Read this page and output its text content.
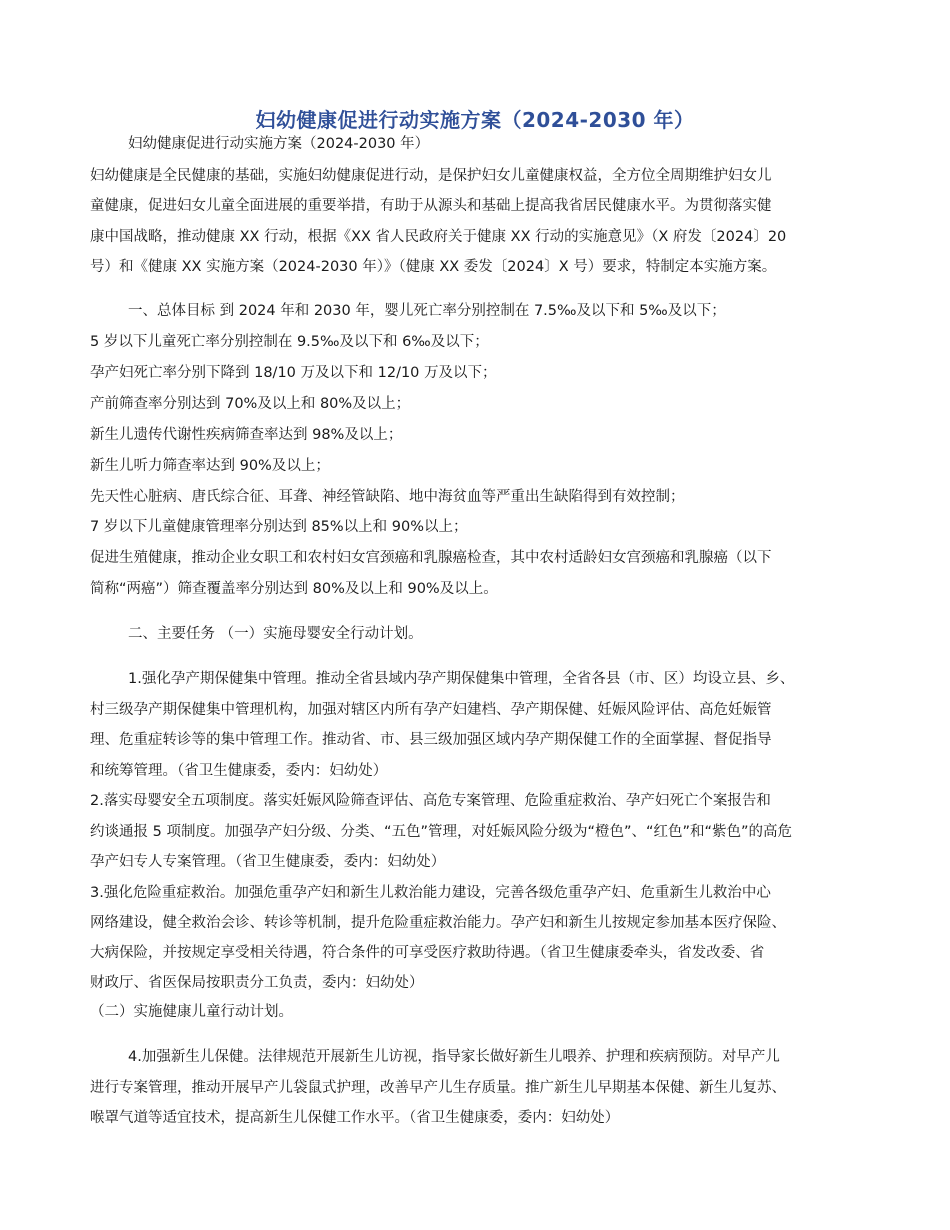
妇幼健康促进行动实施方案（2024-2030 年）
妇幼健康促进行动实施方案（2024-2030 年）
妇幼健康是全民健康的基础，实施妇幼健康促进行动，是保护妇女儿童健康权益，全方位全周期维护妇女儿
童健康，促进妇女儿童全面进展的重要举措，有助于从源头和基础上提高我省居民健康水平。为贯彻落实健
康中国战略，推动健康 XX 行动，根据《XX 省人民政府关于健康 XX 行动的实施意见》（X 府发〔2024〕20
号）和《健康 XX 实施方案（2024-2030 年）》（健康 XX 委发〔2024〕X 号）要求，特制定本实施方案。
一、总体目标 到 2024 年和 2030 年，婴儿死亡率分别控制在 7.5‰及以下和 5‰及以下；
5 岁以下儿童死亡率分别控制在 9.5‰及以下和 6‰及以下；
孕产妇死亡率分别下降到 18/10 万及以下和 12/10 万及以下；
产前筛查率分别达到 70%及以上和 80%及以上；
新生儿遗传代谢性疾病筛查率达到 98%及以上；
新生儿听力筛查率达到 90%及以上；
先天性心脏病、唐氏综合征、耳聋、神经管缺陷、地中海贫血等严重出生缺陷得到有效控制；
7 岁以下儿童健康管理率分别达到 85%以上和 90%以上；
促进生殖健康，推动企业女职工和农村妇女宫颈癌和乳腺癌检查，其中农村适龄妇女宫颈癌和乳腺癌（以下
简称“两癌”）筛查覆盖率分别达到 80%及以上和 90%及以上。
二、主要任务 （一）实施母婴安全行动计划。
1.强化孕产期保健集中管理。推动全省县域内孕产期保健集中管理，全省各县（市、区）均设立县、乡、
村三级孕产期保健集中管理机构，加强对辖区内所有孕产妇建档、孕产期保健、妊娠风险评估、高危妊娠管
理、危重症转诊等的集中管理工作。推动省、市、县三级加强区域内孕产期保健工作的全面掌握、督促指导
和统筹管理。（省卫生健康委，委内：妇幼处）
2.落实母婴安全五项制度。落实妊娠风险筛查评估、高危专案管理、危险重症救治、孕产妇死亡个案报告和
约谈通报 5 项制度。加强孕产妇分级、分类、“五色”管理，对妊娠风险分级为“橙色”、“红色”和“紫色”的高危
孕产妇专人专案管理。（省卫生健康委，委内：妇幼处）
3.强化危险重症救治。加强危重孕产妇和新生儿救治能力建设，完善各级危重孕产妇、危重新生儿救治中心
网络建设，健全救治会诊、转诊等机制，提升危险重症救治能力。孕产妇和新生儿按规定参加基本医疗保险、
大病保险，并按规定享受相关待遇，符合条件的可享受医疗救助待遇。（省卫生健康委牵头，省发改委、省
财政厅、省医保局按职责分工负责，委内：妇幼处）
（二）实施健康儿童行动计划。
4.加强新生儿保健。法律规范开展新生儿访视，指导家长做好新生儿喂养、护理和疾病预防。对早产儿
进行专案管理，推动开展早产儿袋鼠式护理，改善早产儿生存质量。推广新生儿早期基本保健、新生儿复苏、
喉罩气道等适宜技术，提高新生儿保健工作水平。（省卫生健康委，委内：妇幼处）
